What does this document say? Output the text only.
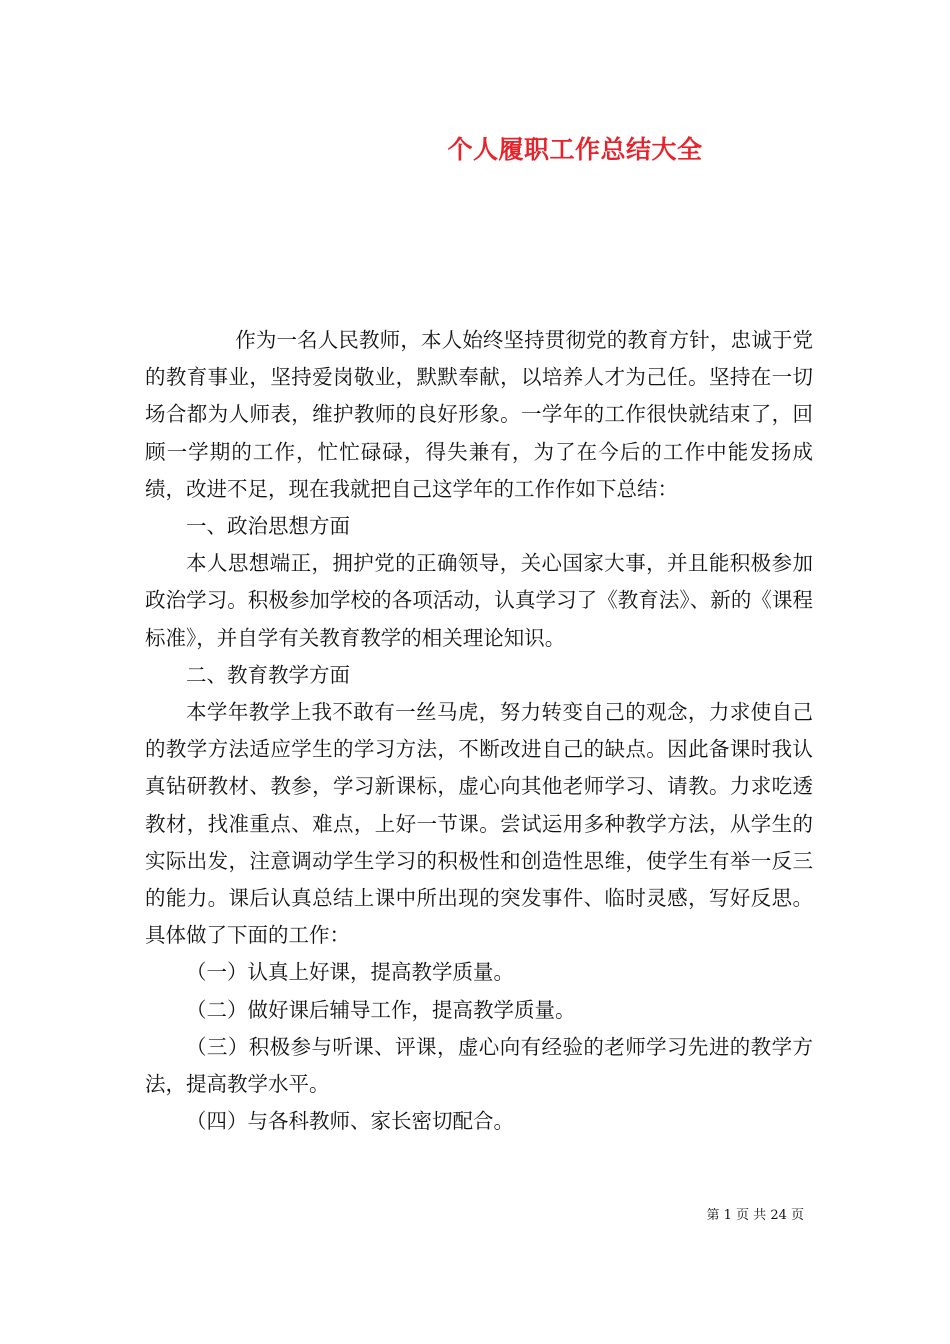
个人履职工作总结大全

作为一名人民教师，本人始终坚持贯彻党的教育方针，忠诚于党的教育事业，坚持爱岗敬业，默默奉献，以培养人才为己任。坚持在一切场合都为人师表，维护教师的良好形象。一学年的工作很快就结束了，回顾一学期的工作，忙忙碌碌，得失兼有，为了在今后的工作中能发扬成绩，改进不足，现在我就把自己这学年的工作作如下总结：

一、政治思想方面

本人思想端正，拥护党的正确领导，关心国家大事，并且能积极参加政治学习。积极参加学校的各项活动，认真学习了《教育法》、新的《课程标准》，并自学有关教育教学的相关理论知识。

二、教育教学方面

本学年教学上我不敢有一丝马虎，努力转变自己的观念，力求使自己的教学方法适应学生的学习方法，不断改进自己的缺点。因此备课时我认真钻研教材、教参，学习新课标，虚心向其他老师学习、请教。力求吃透教材，找准重点、难点，上好一节课。尝试运用多种教学方法，从学生的实际出发，注意调动学生学习的积极性和创造性思维，使学生有举一反三的能力。课后认真总结上课中所出现的突发事件、临时灵感，写好反思。具体做了下面的工作：

（一）认真上好课，提高教学质量。

（二）做好课后辅导工作，提高教学质量。

（三）积极参与听课、评课，虚心向有经验的老师学习先进的教学方法，提高教学水平。

（四）与各科教师、家长密切配合。

第 1 页 共 24 页
